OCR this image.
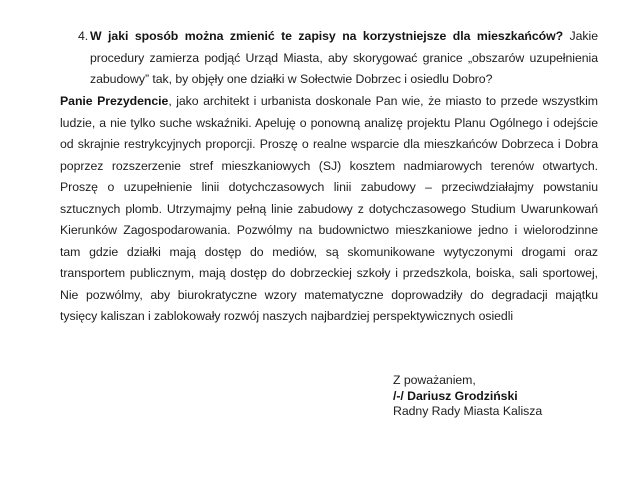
4. W jaki sposób można zmienić te zapisy na korzystniejsze dla mieszkańców? Jakie procedury zamierza podjąć Urząd Miasta, aby skorygować granice „obszarów uzupełnienia zabudowy” tak, by objęły one działki w Sołectwie Dobrzec i osiedlu Dobro?
Panie Prezydencie, jako architekt i urbanista doskonale Pan wie, że miasto to przede wszystkim ludzie, a nie tylko suche wskaźniki. Apeluję o ponowną analizę projektu Planu Ogólnego i odejście od skrajnie restrykcyjnych proporcji. Proszę o realne wsparcie dla mieszkańców Dobrzeca i Dobra poprzez rozszerzenie stref mieszkaniowych (SJ) kosztem nadmiarowych terenów otwartych. Proszę o uzupełnienie linii dotychczasowych linii zabudowy – przeciwdziałajmy powstaniu sztucznych plomb. Utrzymajmy pełną linie zabudowy z dotychczasowego Studium Uwarunkowań Kierunków Zagospodarowania. Pozwólmy na budownictwo mieszkaniowe jedno i wielorodzinne tam gdzie działki mają dostęp do mediów, są skomunikowane wytyczonymi drogami oraz transportem publicznym, mają dostęp do dobrzeckiej szkoły i przedszkola, boiska, sali sportowej, Nie pozwólmy, aby biurokratyczne wzory matematyczne doprowadziły do degradacji majątku tysięcy kaliszan i zablokowały rozwój naszych najbardziej perspektywicznych osiedli
Z poważaniem,
/-/ Dariusz Grodziński
Radny Rady Miasta Kalisza
